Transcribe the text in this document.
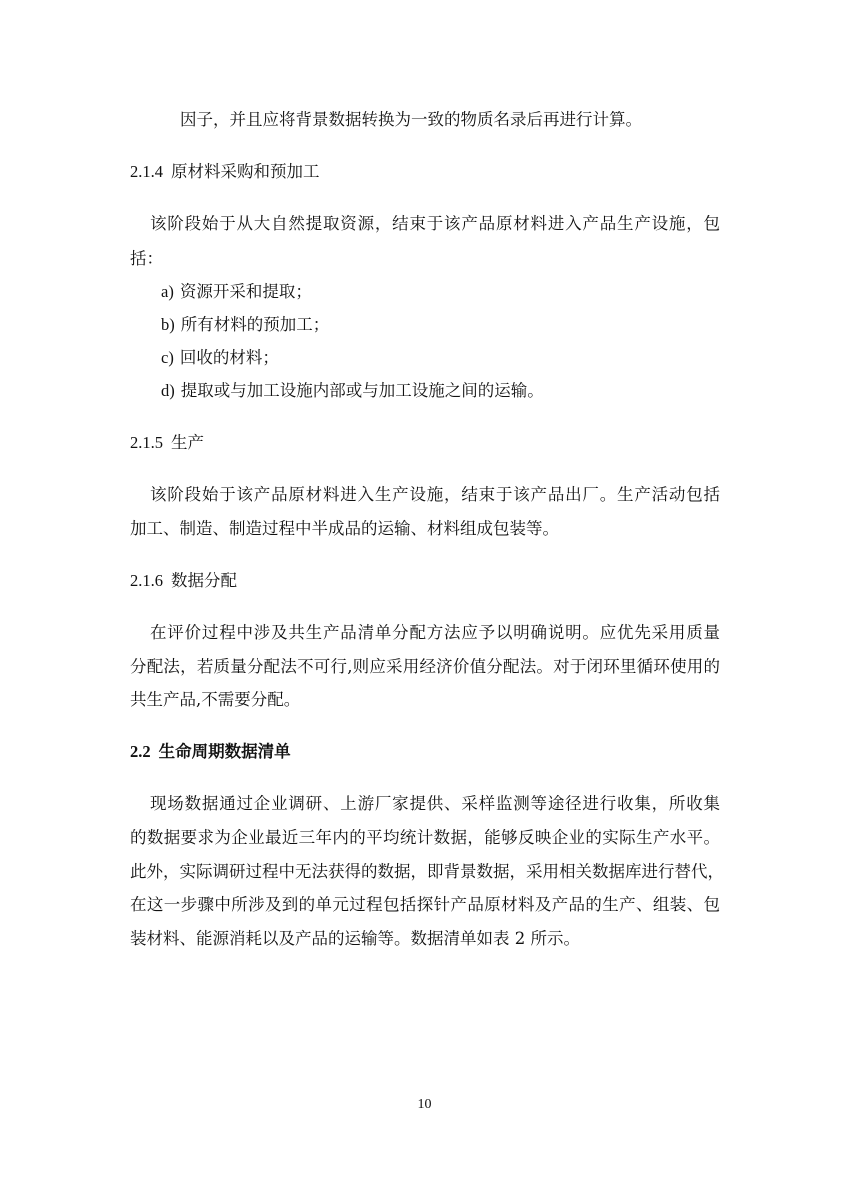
因子，并且应将背景数据转换为一致的物质名录后再进行计算。

2.1.4 原材料采购和预加工

该阶段始于从大自然提取资源，结束于该产品原材料进入产品生产设施，包

括：

a) 资源开采和提取；

b) 所有材料的预加工；

c) 回收的材料；

d) 提取或与加工设施内部或与加工设施之间的运输。

2.1.5 生产

该阶段始于该产品原材料进入生产设施，结束于该产品出厂。生产活动包括

加工、制造、制造过程中半成品的运输、材料组成包装等。

2.1.6 数据分配

在评价过程中涉及共生产品清单分配方法应予以明确说明。应优先采用质量

分配法，若质量分配法不可行,则应采用经济价值分配法。对于闭环里循环使用的

共生产品,不需要分配。

2.2 生命周期数据清单

现场数据通过企业调研、上游厂家提供、采样监测等途径进行收集，所收集

的数据要求为企业最近三年内的平均统计数据，能够反映企业的实际生产水平。

此外，实际调研过程中无法获得的数据，即背景数据，采用相关数据库进行替代，

在这一步骤中所涉及到的单元过程包括探针产品原材料及产品的生产、组装、包

装材料、能源消耗以及产品的运输等。数据清单如表 2 所示。

10
